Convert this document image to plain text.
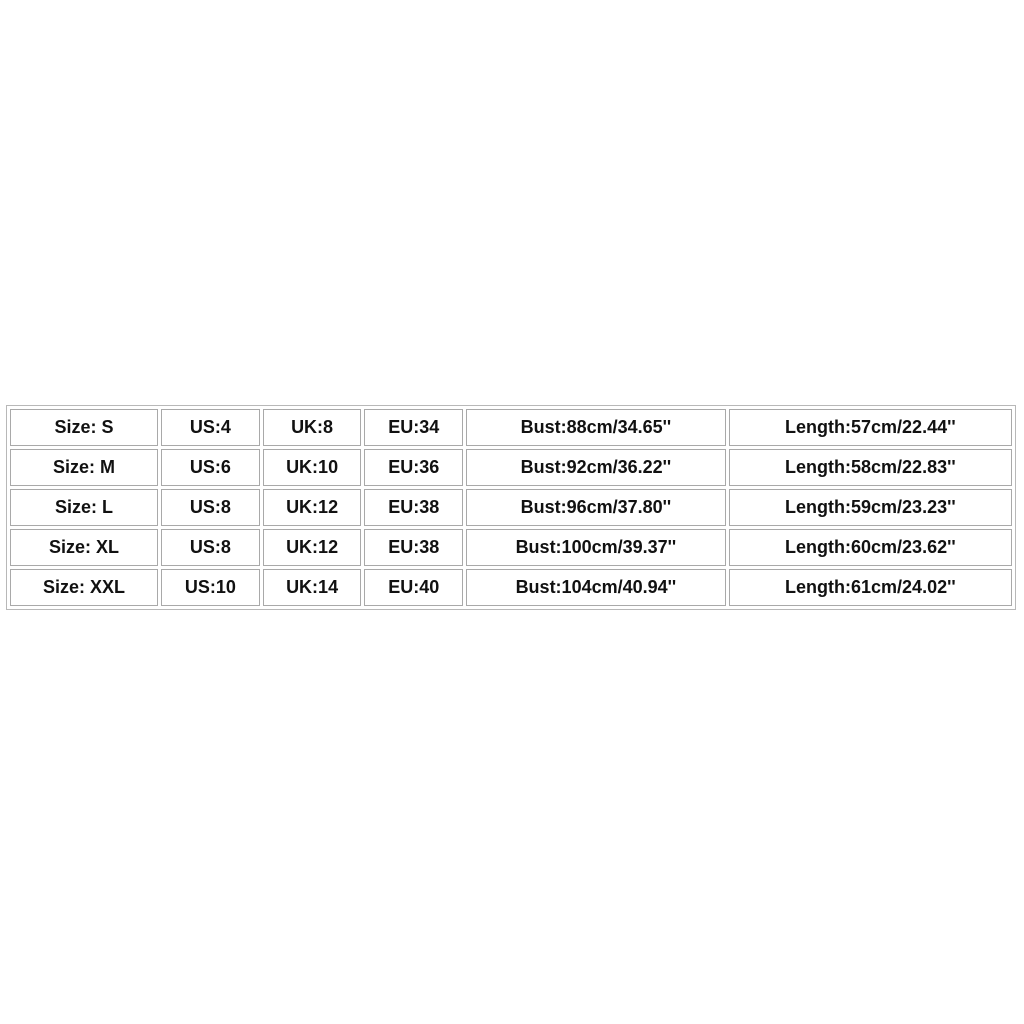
Size: S	US:4	UK:8	EU:34	Bust:88cm/34.65''	Length:57cm/22.44''
Size: M	US:6	UK:10	EU:36	Bust:92cm/36.22''	Length:58cm/22.83''
Size: L	US:8	UK:12	EU:38	Bust:96cm/37.80''	Length:59cm/23.23''
Size: XL	US:8	UK:12	EU:38	Bust:100cm/39.37''	Length:60cm/23.62''
Size: XXL	US:10	UK:14	EU:40	Bust:104cm/40.94''	Length:61cm/24.02''
